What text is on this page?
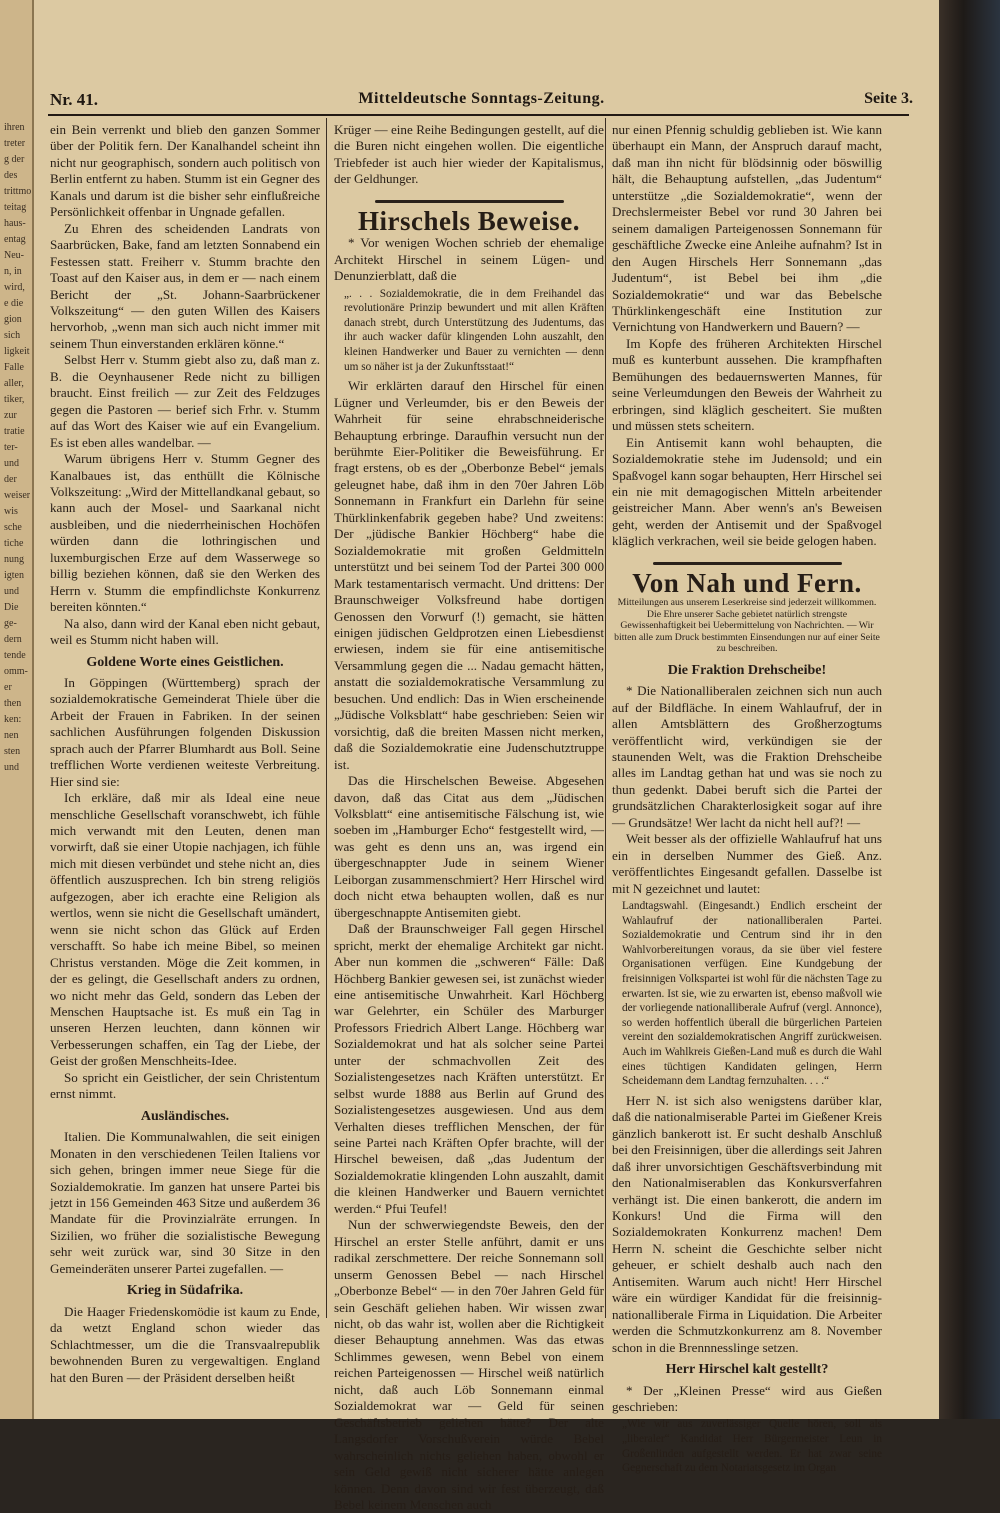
ihren
treter
g der
des
trittmo
teitag
haus-
entag
Neu-
n, in
wird,
e die
gion
sich
ligkeit
Falle
aller,
tiker,
zur
tratie
ter-
und
der
weiser
wis
sche
tiche
nung
igten
und
Die
ge-
dern
tende
omm-
er
then
ken:
nen
sten
und
Nr. 41.	Mitteldeutsche Sonntags-Zeitung.	Seite 3.

ein Bein verrenkt und blieb den ganzen Sommer über der Politik fern. Der Kanalhandel scheint ihn nicht nur geographisch, sondern auch politisch von Berlin entfernt zu haben. Stumm ist ein Gegner des Kanals und darum ist die bisher sehr einflußreiche Persönlichkeit offenbar in Ungnade gefallen.

Zu Ehren des scheidenden Landrats von Saarbrücken, Bake, fand am letzten Sonnabend ein Festessen statt. Freiherr v. Stumm brachte den Toast auf den Kaiser aus, in dem er — nach einem Bericht der „St. Johann-Saarbrückener Volkszeitung“ — den guten Willen des Kaisers hervorhob, „wenn man sich auch nicht immer mit seinem Thun einverstanden erklären könne.“

Selbst Herr v. Stumm giebt also zu, daß man z. B. die Oeynhausener Rede nicht zu billigen braucht. Einst freilich — zur Zeit des Feldzuges gegen die Pastoren — berief sich Frhr. v. Stumm auf das Wort des Kaiser wie auf ein Evangelium. Es ist eben alles wandelbar. —

Warum übrigens Herr v. Stumm Gegner des Kanalbaues ist, das enthüllt die Kölnische Volkszeitung: „Wird der Mittellandkanal gebaut, so kann auch der Mosel- und Saarkanal nicht ausbleiben, und die niederrheinischen Hochöfen würden dann die lothringischen und luxemburgischen Erze auf dem Wasserwege so billig beziehen können, daß sie den Werken des Herrn v. Stumm die empfindlichste Konkurrenz bereiten könnten.“

Na also, dann wird der Kanal eben nicht gebaut, weil es Stumm nicht haben will.

Goldene Worte eines Geistlichen.

In Göppingen (Württemberg) sprach der sozialdemokratische Gemeinderat Thiele über die Arbeit der Frauen in Fabriken. In der seinen sachlichen Ausführungen folgenden Diskussion sprach auch der Pfarrer Blumhardt aus Boll. Seine trefflichen Worte verdienen weiteste Verbreitung. Hier sind sie:

Ich erkläre, daß mir als Ideal eine neue menschliche Gesellschaft voranschwebt, ich fühle mich verwandt mit den Leuten, denen man vorwirft, daß sie einer Utopie nachjagen, ich fühle mich mit diesen verbündet und stehe nicht an, dies öffentlich auszusprechen. Ich bin streng religiös aufgezogen, aber ich erachte eine Religion als wertlos, wenn sie nicht die Gesellschaft umändert, wenn sie nicht schon das Glück auf Erden verschafft. So habe ich meine Bibel, so meinen Christus verstanden. Möge die Zeit kommen, in der es gelingt, die Gesellschaft anders zu ordnen, wo nicht mehr das Geld, sondern das Leben der Menschen Hauptsache ist. Es muß ein Tag in unseren Herzen leuchten, dann können wir Verbesserungen schaffen, ein Tag der Liebe, der Geist der großen Menschheits-Idee.

So spricht ein Geistlicher, der sein Christentum ernst nimmt.

Ausländisches.

Italien. Die Kommunalwahlen, die seit einigen Monaten in den verschiedenen Teilen Italiens vor sich gehen, bringen immer neue Siege für die Sozialdemokratie. Im ganzen hat unsere Partei bis jetzt in 156 Gemeinden 463 Sitze und außerdem 36 Mandate für die Provinzialräte errungen. In Sizilien, wo früher die sozialistische Bewegung sehr weit zurück war, sind 30 Sitze in den Gemeinderäten unserer Partei zugefallen. —

Krieg in Südafrika.

Die Haager Friedenskomödie ist kaum zu Ende, da wetzt England schon wieder das Schlachtmesser, um die die Transvaalrepublik bewohnenden Buren zu vergewaltigen. England hat den Buren — der Präsident derselben heißt

Krüger — eine Reihe Bedingungen gestellt, auf die die Buren nicht eingehen wollen. Die eigentliche Triebfeder ist auch hier wieder der Kapitalismus, der Geldhunger.

Hirschels Beweise.

* Vor wenigen Wochen schrieb der ehemalige Architekt Hirschel in seinem Lügen- und Denunzierblatt, daß die

„. . . Sozialdemokratie, die in dem Freihandel das revolutionäre Prinzip bewundert und mit allen Kräften danach strebt, durch Unterstützung des Judentums, das ihr auch wacker dafür klingenden Lohn auszahlt, den kleinen Handwerker und Bauer zu vernichten — denn um so näher ist ja der Zukunftsstaat!“

Wir erklärten darauf den Hirschel für einen Lügner und Verleumder, bis er den Beweis der Wahrheit für seine ehrabschneiderische Behauptung erbringe. Daraufhin versucht nun der berühmte Eier-Politiker die Beweisführung. Er fragt erstens, ob es der „Oberbonze Bebel“ jemals geleugnet habe, daß ihm in den 70er Jahren Löb Sonnemann in Frankfurt ein Darlehn für seine Thürklinkenfabrik gegeben habe? Und zweitens: Der „jüdische Bankier Höchberg“ habe die Sozialdemokratie mit großen Geldmitteln unterstützt und bei seinem Tod der Partei 300 000 Mark testamentarisch vermacht. Und drittens: Der Braunschweiger Volksfreund habe dortigen Genossen den Vorwurf (!) gemacht, sie hätten einigen jüdischen Geldprotzen einen Liebesdienst erwiesen, indem sie für eine antisemitische Versammlung gegen die ... Nadau gemacht hätten, anstatt die sozialdemokratische Versammlung zu besuchen. Und endlich: Das in Wien erscheinende „Jüdische Volksblatt“ habe geschrieben: Seien wir vorsichtig, daß die breiten Massen nicht merken, daß die Sozialdemokratie eine Judenschutztruppe ist.

Das die Hirschelschen Beweise. Abgesehen davon, daß das Citat aus dem „Jüdischen Volksblatt“ eine antisemitische Fälschung ist, wie soeben im „Hamburger Echo“ festgestellt wird, — was geht es denn uns an, was irgend ein übergeschnappter Jude in seinem Wiener Leiborgan zusammenschmiert? Herr Hirschel wird doch nicht etwa behaupten wollen, daß es nur übergeschnappte Antisemiten giebt.

Daß der Braunschweiger Fall gegen Hirschel spricht, merkt der ehemalige Architekt gar nicht. Aber nun kommen die „schweren“ Fälle: Daß Höchberg Bankier gewesen sei, ist zunächst wieder eine antisemitische Unwahrheit. Karl Höchberg war Gelehrter, ein Schüler des Marburger Professors Friedrich Albert Lange. Höchberg war Sozialdemokrat und hat als solcher seine Partei unter der schmachvollen Zeit des Sozialistengesetzes nach Kräften unterstützt. Er selbst wurde 1888 aus Berlin auf Grund des Sozialistengesetzes ausgewiesen. Und aus dem Verhalten dieses trefflichen Menschen, der für seine Partei nach Kräften Opfer brachte, will der Hirschel beweisen, daß „das Judentum der Sozialdemokratie klingenden Lohn auszahlt, damit die kleinen Handwerker und Bauern vernichtet werden.“ Pfui Teufel!

Nun der schwerwiegendste Beweis, den der Hirschel an erster Stelle anführt, damit er uns radikal zerschmettere. Der reiche Sonnemann soll unserm Genossen Bebel — nach Hirschel „Oberbonze Bebel“ — in den 70er Jahren Geld für sein Geschäft geliehen haben. Wir wissen zwar nicht, ob das wahr ist, wollen aber die Richtigkeit dieser Behauptung annehmen. Was das etwas Schlimmes gewesen, wenn Bebel von einem reichen Parteigenossen — Hirschel weiß natürlich nicht, daß auch Löb Sonnemann einmal Sozialdemokrat war — Geld für seinen Geschäftsbetrieb geliehen hätte? Der alte Langsdorfer Vorschußverein würde Bebel wahrscheinlich nichts geliehen haben, obwohl er sein Geld gewiß nicht sicherer hätte anlegen können. Denn davon sind wir fest überzeugt, daß Bebel keinem Menschen auch

nur einen Pfennig schuldig geblieben ist. Wie kann überhaupt ein Mann, der Anspruch darauf macht, daß man ihn nicht für blödsinnig oder böswillig hält, die Behauptung aufstellen, „das Judentum“ unterstütze „die Sozialdemokratie“, wenn der Drechslermeister Bebel vor rund 30 Jahren bei seinem damaligen Parteigenossen Sonnemann für geschäftliche Zwecke eine Anleihe aufnahm? Ist in den Augen Hirschels Herr Sonnemann „das Judentum“, ist Bebel bei ihm „die Sozialdemokratie“ und war das Bebelsche Thürklinkengeschäft eine Institution zur Vernichtung von Handwerkern und Bauern? —

Im Kopfe des früheren Architekten Hirschel muß es kunterbunt aussehen. Die krampfhaften Bemühungen des bedauernswerten Mannes, für seine Verleumdungen den Beweis der Wahrheit zu erbringen, sind kläglich gescheitert. Sie mußten und müssen stets scheitern.

Ein Antisemit kann wohl behaupten, die Sozialdemokratie stehe im Judensold; und ein Spaßvogel kann sogar behaupten, Herr Hirschel sei ein nie mit demagogischen Mitteln arbeitender geistreicher Mann. Aber wenn's an's Beweisen geht, werden der Antisemit und der Spaßvogel kläglich verkrachen, weil sie beide gelogen haben.

Von Nah und Fern.

Mitteilungen aus unserem Leserkreise sind jederzeit willkommen. Die Ehre unserer Sache gebietet natürlich strengste Gewissenhaftigkeit bei Uebermittelung von Nachrichten. — Wir bitten alle zum Druck bestimmten Einsendungen nur auf einer Seite zu beschreiben.

Die Fraktion Drehscheibe!

* Die Nationalliberalen zeichnen sich nun auch auf der Bildfläche. In einem Wahlaufruf, der in allen Amtsblättern des Großherzogtums veröffentlicht wird, verkündigen sie der staunenden Welt, was die Fraktion Drehscheibe alles im Landtag gethan hat und was sie noch zu thun gedenkt. Dabei beruft sich die Partei der grundsätzlichen Charakterlosigkeit sogar auf ihre — Grundsätze! Wer lacht da nicht hell auf?! —

Weit besser als der offizielle Wahlaufruf hat uns ein in derselben Nummer des Gieß. Anz. veröffentlichtes Eingesandt gefallen. Dasselbe ist mit N gezeichnet und lautet:

Landtagswahl. (Eingesandt.) Endlich erscheint der Wahlaufruf der nationalliberalen Partei. Sozialdemokratie und Centrum sind ihr in den Wahlvorbereitungen voraus, da sie über viel festere Organisationen verfügen. Eine Kundgebung der freisinnigen Volkspartei ist wohl für die nächsten Tage zu erwarten. Ist sie, wie zu erwarten ist, ebenso maßvoll wie der vorliegende nationalliberale Aufruf (vergl. Annonce), so werden hoffentlich überall die bürgerlichen Parteien vereint den sozialdemokratischen Angriff zurückweisen. Auch im Wahlkreis Gießen-Land muß es durch die Wahl eines tüchtigen Kandidaten gelingen, Herrn Scheidemann dem Landtag fernzuhalten. . . .“

Herr N. ist sich also wenigstens darüber klar, daß die nationalmiserable Partei im Gießener Kreis gänzlich bankerott ist. Er sucht deshalb Anschluß bei den Freisinnigen, über die allerdings seit Jahren daß ihrer unvorsichtigen Geschäftsverbindung mit den Nationalmiserablen das Konkursverfahren verhängt ist. Die einen bankerott, die andern im Konkurs! Und die Firma will den Sozialdemokraten Konkurrenz machen! Dem Herrn N. scheint die Geschichte selber nicht geheuer, er schielt deshalb auch nach den Antisemiten. Warum auch nicht! Herr Hirschel wäre ein würdiger Kandidat für die freisinnig-nationalliberale Firma in Liquidation. Die Arbeiter werden die Schmutzkonkurrenz am 8. November schon in die Brennnesslinge setzen.

Herr Hirschel kalt gestellt?

* Der „Kleinen Presse“ wird aus Gießen geschrieben:

„Wie wir aus zuverlässiger Quelle hören, soll als „liberaler“ Kandidat Herr Bürgermeister Leun in Großenlinden aufgestellt werden. Er hat zwar seine Gegnerschaft zu dem Notariatsgesetz im Organ
